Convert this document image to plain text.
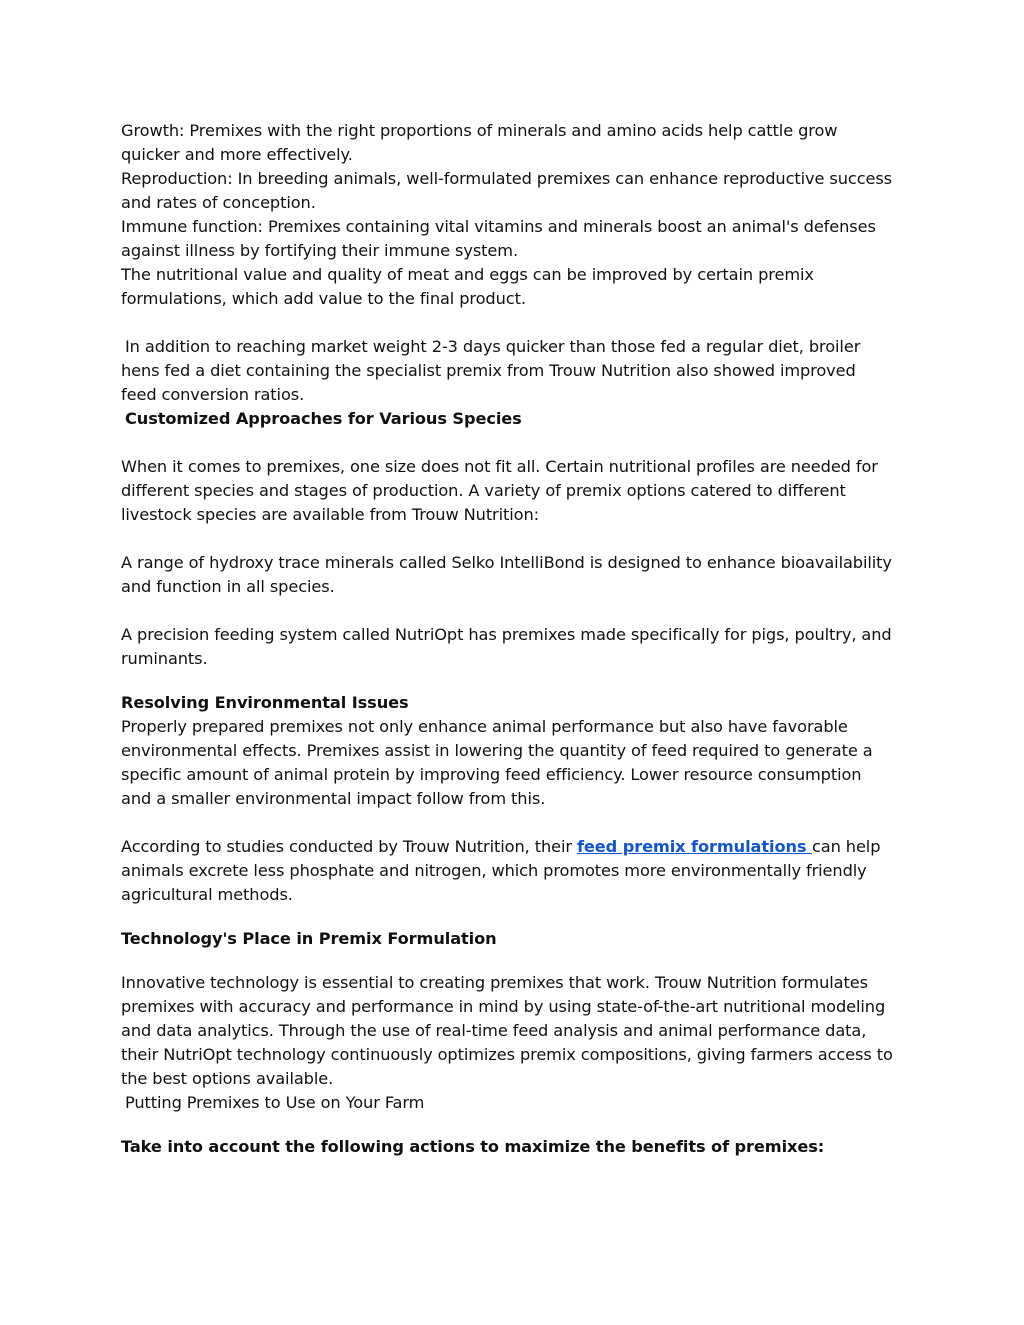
Growth: Premixes with the right proportions of minerals and amino acids help cattle grow
quicker and more effectively.
Reproduction: In breeding animals, well-formulated premixes can enhance reproductive success
and rates of conception.
Immune function: Premixes containing vital vitamins and minerals boost an animal's defenses
against illness by fortifying their immune system.
The nutritional value and quality of meat and eggs can be improved by certain premix
formulations, which add value to the final product.
In addition to reaching market weight 2-3 days quicker than those fed a regular diet, broiler
hens fed a diet containing the specialist premix from Trouw Nutrition also showed improved
feed conversion ratios.
Customized Approaches for Various Species
When it comes to premixes, one size does not fit all. Certain nutritional profiles are needed for
different species and stages of production. A variety of premix options catered to different
livestock species are available from Trouw Nutrition:
A range of hydroxy trace minerals called Selko IntelliBond is designed to enhance bioavailability
and function in all species.
A precision feeding system called NutriOpt has premixes made specifically for pigs, poultry, and
ruminants.
Resolving Environmental Issues
Properly prepared premixes not only enhance animal performance but also have favorable
environmental effects. Premixes assist in lowering the quantity of feed required to generate a
specific amount of animal protein by improving feed efficiency. Lower resource consumption
and a smaller environmental impact follow from this.
According to studies conducted by Trouw Nutrition, their feed premix formulations can help
animals excrete less phosphate and nitrogen, which promotes more environmentally friendly
agricultural methods.
Technology's Place in Premix Formulation
Innovative technology is essential to creating premixes that work. Trouw Nutrition formulates
premixes with accuracy and performance in mind by using state-of-the-art nutritional modeling
and data analytics. Through the use of real-time feed analysis and animal performance data,
their NutriOpt technology continuously optimizes premix compositions, giving farmers access to
the best options available.
Putting Premixes to Use on Your Farm
Take into account the following actions to maximize the benefits of premixes:
